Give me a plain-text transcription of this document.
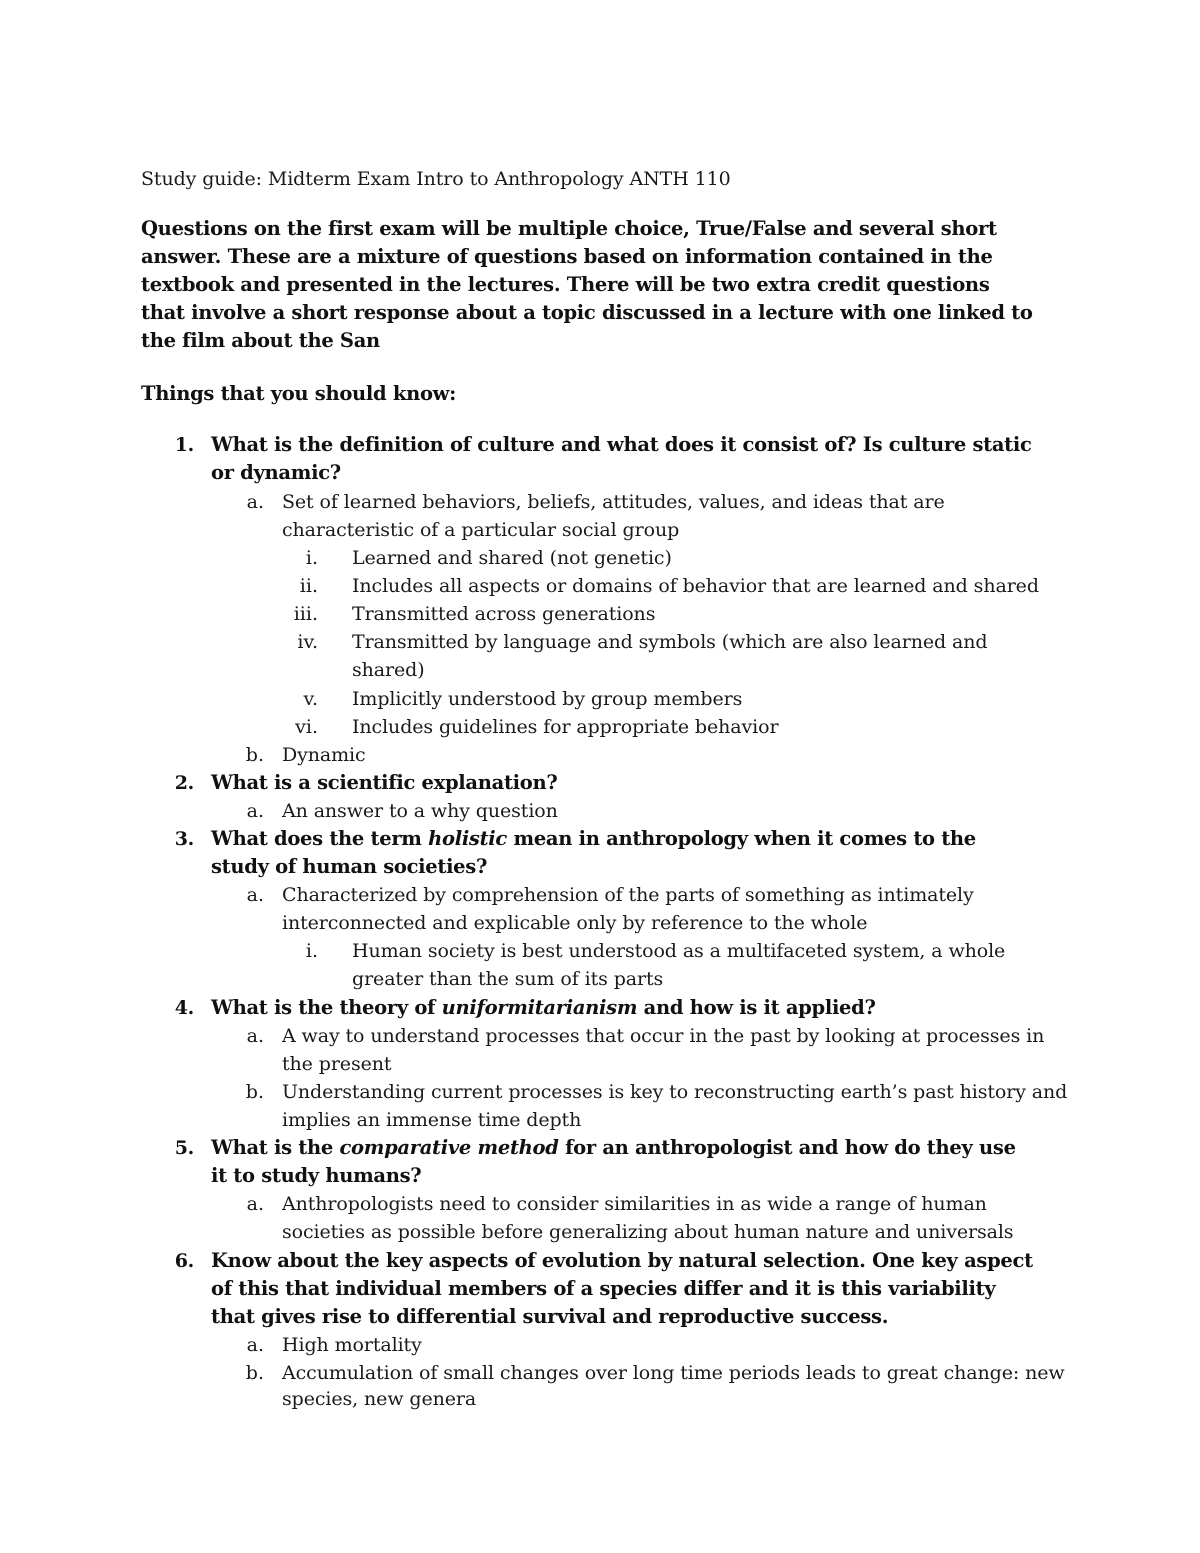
Study guide: Midterm Exam Intro to Anthropology ANTH 110
Questions on the first exam will be multiple choice, True/False and several short
answer. These are a mixture of questions based on information contained in the
textbook and presented in the lectures. There will be two extra credit questions
that involve a short response about a topic discussed in a lecture with one linked to
the film about the San
Things that you should know:
1. What is the definition of culture and what does it consist of? Is culture static
or dynamic?
a. Set of learned behaviors, beliefs, attitudes, values, and ideas that are
characteristic of a particular social group
i. Learned and shared (not genetic)
ii. Includes all aspects or domains of behavior that are learned and shared
iii. Transmitted across generations
iv. Transmitted by language and symbols (which are also learned and
shared)
v. Implicitly understood by group members
vi. Includes guidelines for appropriate behavior
b. Dynamic
2. What is a scientific explanation?
a. An answer to a why question
3. What does the term holistic mean in anthropology when it comes to the
study of human societies?
a. Characterized by comprehension of the parts of something as intimately
interconnected and explicable only by reference to the whole
i. Human society is best understood as a multifaceted system, a whole
greater than the sum of its parts
4. What is the theory of uniformitarianism and how is it applied?
a. A way to understand processes that occur in the past by looking at processes in
the present
b. Understanding current processes is key to reconstructing earth’s past history and
implies an immense time depth
5. What is the comparative method for an anthropologist and how do they use
it to study humans?
a. Anthropologists need to consider similarities in as wide a range of human
societies as possible before generalizing about human nature and universals
6. Know about the key aspects of evolution by natural selection. One key aspect
of this that individual members of a species differ and it is this variability
that gives rise to differential survival and reproductive success.
a. High mortality
b. Accumulation of small changes over long time periods leads to great change: new
species, new genera
